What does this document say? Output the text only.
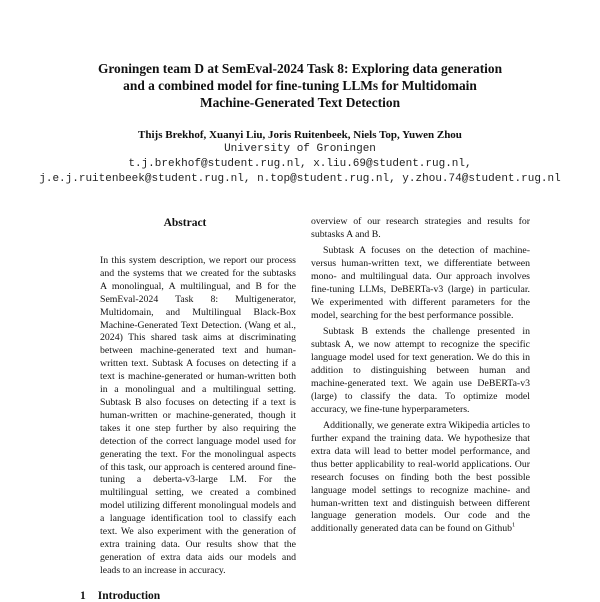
Groningen team D at SemEval-2024 Task 8: Exploring data generation
and a combined model for fine-tuning LLMs for Multidomain
Machine-Generated Text Detection
Thijs Brekhof, Xuanyi Liu, Joris Ruitenbeek, Niels Top, Yuwen Zhou
University of Groningen
t.j.brekhof@student.rug.nl, x.liu.69@student.rug.nl,
j.e.j.ruitenbeek@student.rug.nl, n.top@student.rug.nl, y.zhou.74@student.rug.nl
Abstract

In this system description, we report our process and the systems that we created for the subtasks A monolingual, A multilingual, and B for the SemEval-2024 Task 8: Multigenerator, Multidomain, and Multilingual Black-Box Machine-Generated Text Detection. (Wang et al., 2024) This shared task aims at discriminating between machine-generated text and human-written text. Subtask A focuses on detecting if a text is machine-generated or human-written both in a monolingual and a multilingual setting. Subtask B also focuses on detecting if a text is human-written or machine-generated, though it takes it one step further by also requiring the detection of the correct language model used for generating the text. For the monolingual aspects of this task, our approach is centered around fine-tuning a deberta-v3-large LM. For the multilingual setting, we created a combined model utilizing different monolingual models and a language identification tool to classify each text. We also experiment with the generation of extra training data. Our results show that the generation of extra data aids our models and leads to an increase in accuracy.

overview of our research strategies and results for subtasks A and B.

Subtask A focuses on the detection of machine-versus human-written text, we differentiate between mono- and multilingual data. Our approach involves fine-tuning LLMs, DeBERTa-v3 (large) in particular. We experimented with different parameters for the model, searching for the best performance possible.

Subtask B extends the challenge presented in subtask A, we now attempt to recognize the specific language model used for text generation. We do this in addition to distinguishing between human and machine-generated text. We again use DeBERTa-v3 (large) to classify the data. To optimize model accuracy, we fine-tune hyperparameters.

Additionally, we generate extra Wikipedia articles to further expand the training data. We hypothesize that extra data will lead to better model performance, and thus better applicability to real-world applications. Our research focuses on finding both the best possible language model settings to recognize machine- and human-written text and distinguish between different language generation models. Our code and the additionally generated data can be found on Github$^1$

1 Introduction
